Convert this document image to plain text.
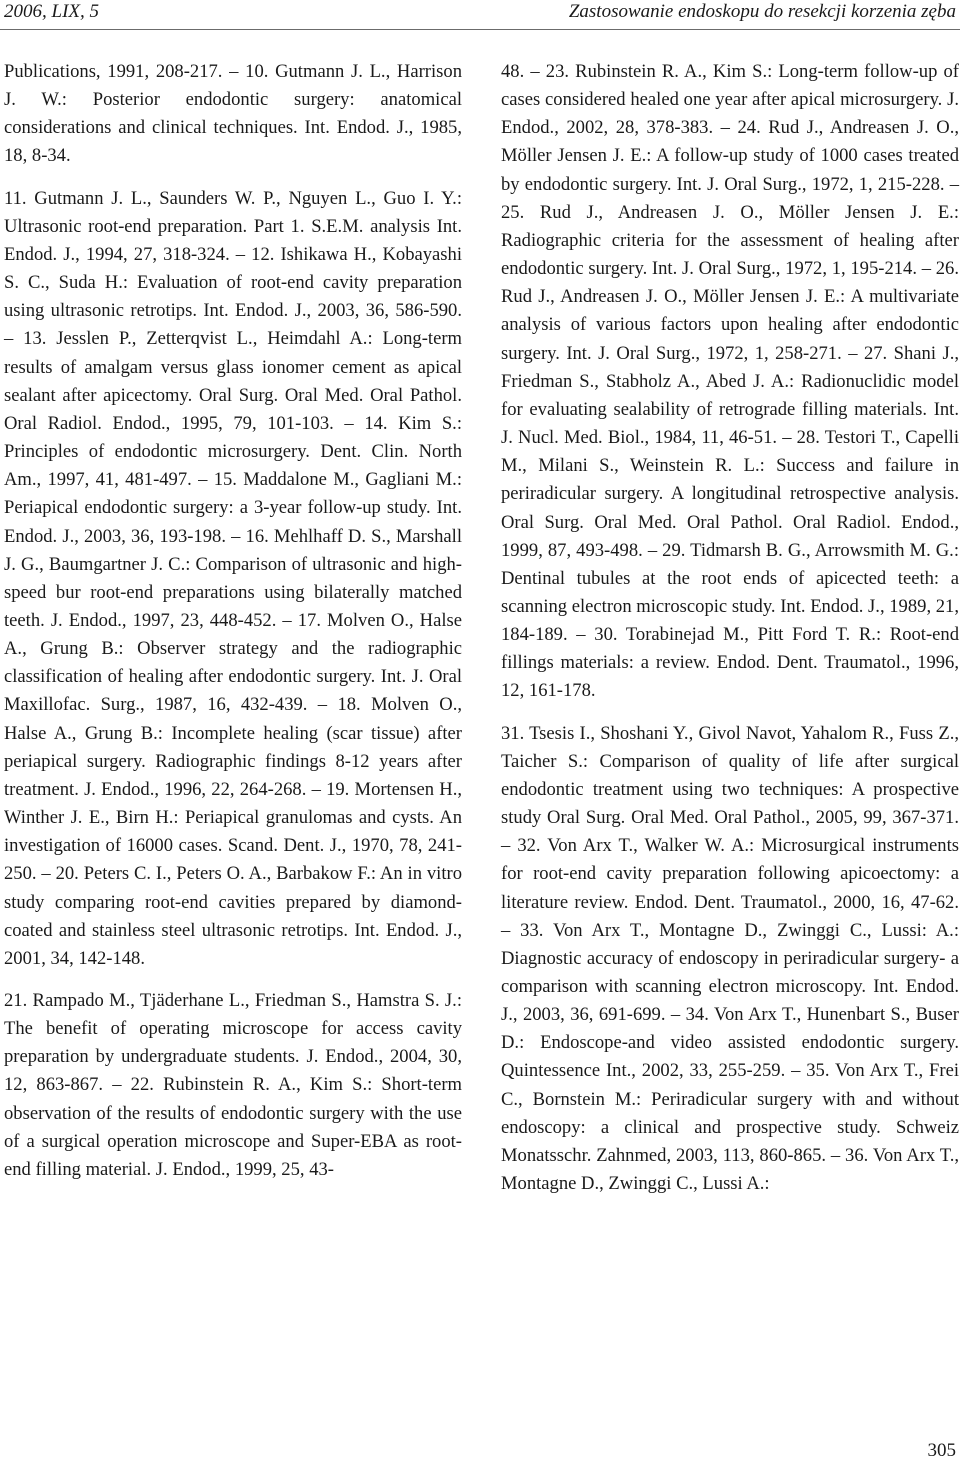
2006, LIX, 5	Zastosowanie endoskopu do resekcji korzenia zęba

Publications, 1991, 208-217. – 10. Gutmann J. L., Harrison J. W.: Posterior endodontic surgery: anatomical considerations and clinical techniques. Int. Endod. J., 1985, 18, 8-34.

11. Gutmann J. L., Saunders W. P., Nguyen L., Guo I. Y.: Ultrasonic root-end preparation. Part 1. S.E.M. analysis Int. Endod. J., 1994, 27, 318-324. – 12. Ishikawa H., Kobayashi S. C., Suda H.: Evaluation of root-end cavity preparation using ultrasonic retrotips. Int. Endod. J., 2003, 36, 586-590. – 13. Jesslen P., Zetterqvist L., Heimdahl A.: Long-term results of amalgam versus glass ionomer cement as apical sealant after apicectomy. Oral Surg. Oral Med. Oral Pathol. Oral Radiol. Endod., 1995, 79, 101-103. – 14. Kim S.: Principles of endodontic microsurgery. Dent. Clin. North Am., 1997, 41, 481-497. – 15. Maddalone M., Gagliani M.: Periapical endodontic surgery: a 3-year follow-up study. Int. Endod. J., 2003, 36, 193-198. – 16. Mehlhaff D. S., Marshall J. G., Baumgartner J. C.: Comparison of ultrasonic and high-speed bur root-end preparations using bilaterally matched teeth. J. Endod., 1997, 23, 448-452. – 17. Molven O., Halse A., Grung B.: Observer strategy and the radiographic classification of healing after endodontic surgery. Int. J. Oral Maxillofac. Surg., 1987, 16, 432-439. – 18. Molven O., Halse A., Grung B.: Incomplete healing (scar tissue) after periapical surgery. Radiographic findings 8-12 years after treatment. J. Endod., 1996, 22, 264-268. – 19. Mortensen H., Winther J. E., Birn H.: Periapical granulomas and cysts. An investigation of 16000 cases. Scand. Dent. J., 1970, 78, 241-250. – 20. Peters C. I., Peters O. A., Barbakow F.: An in vitro study comparing root-end cavities prepared by diamond-coated and stainless steel ultrasonic retrotips. Int. Endod. J., 2001, 34, 142-148.

21. Rampado M., Tjäderhane L., Friedman S., Hamstra S. J.: The benefit of operating microscope for access cavity preparation by undergraduate students. J. Endod., 2004, 30, 12, 863-867. – 22. Rubinstein R. A., Kim S.: Short-term observation of the results of endodontic surgery with the use of a surgical operation microscope and Super-EBA as root-end filling material. J. Endod., 1999, 25, 43-

48. – 23. Rubinstein R. A., Kim S.: Long-term follow-up of cases considered healed one year after apical microsurgery. J. Endod., 2002, 28, 378-383. – 24. Rud J., Andreasen J. O., Möller Jensen J. E.: A follow-up study of 1000 cases treated by endodontic surgery. Int. J. Oral Surg., 1972, 1, 215-228. – 25. Rud J., Andreasen J. O., Möller Jensen J. E.: Radiographic criteria for the assessment of healing after endodontic surgery. Int. J. Oral Surg., 1972, 1, 195-214. – 26. Rud J., Andreasen J. O., Möller Jensen J. E.: A multivariate analysis of various factors upon healing after endodontic surgery. Int. J. Oral Surg., 1972, 1, 258-271. – 27. Shani J., Friedman S., Stabholz A., Abed J. A.: Radionuclidic model for evaluating sealability of retrograde filling materials. Int. J. Nucl. Med. Biol., 1984, 11, 46-51. – 28. Testori T., Capelli M., Milani S., Weinstein R. L.: Success and failure in periradicular surgery. A longitudinal retrospective analysis. Oral Surg. Oral Med. Oral Pathol. Oral Radiol. Endod., 1999, 87, 493-498. – 29. Tidmarsh B. G., Arrowsmith M. G.: Dentinal tubules at the root ends of apicected teeth: a scanning electron microscopic study. Int. Endod. J., 1989, 21, 184-189. – 30. Torabinejad M., Pitt Ford T. R.: Root-end fillings materials: a review. Endod. Dent. Traumatol., 1996, 12, 161-178.

31. Tsesis I., Shoshani Y., Givol Navot, Yahalom R., Fuss Z., Taicher S.: Comparison of quality of life after surgical endodontic treatment using two techniques: A prospective study Oral Surg. Oral Med. Oral Pathol., 2005, 99, 367-371. – 32. Von Arx T., Walker W. A.: Microsurgical instruments for root-end cavity preparation following apicoectomy: a literature review. Endod. Dent. Traumatol., 2000, 16, 47-62. – 33. Von Arx T., Montagne D., Zwinggi C., Lussi: A.: Diagnostic accuracy of endoscopy in periradicular surgery- a comparison with scanning electron microscopy. Int. Endod. J., 2003, 36, 691-699. – 34. Von Arx T., Hunenbart S., Buser D.: Endoscope-and video assisted endodontic surgery. Quintessence Int., 2002, 33, 255-259. – 35. Von Arx T., Frei C., Bornstein M.: Periradicular surgery with and without endoscopy: a clinical and prospective study. Schweiz Monatsschr. Zahnmed, 2003, 113, 860-865. – 36. Von Arx T., Montagne D., Zwinggi C., Lussi A.:

305
